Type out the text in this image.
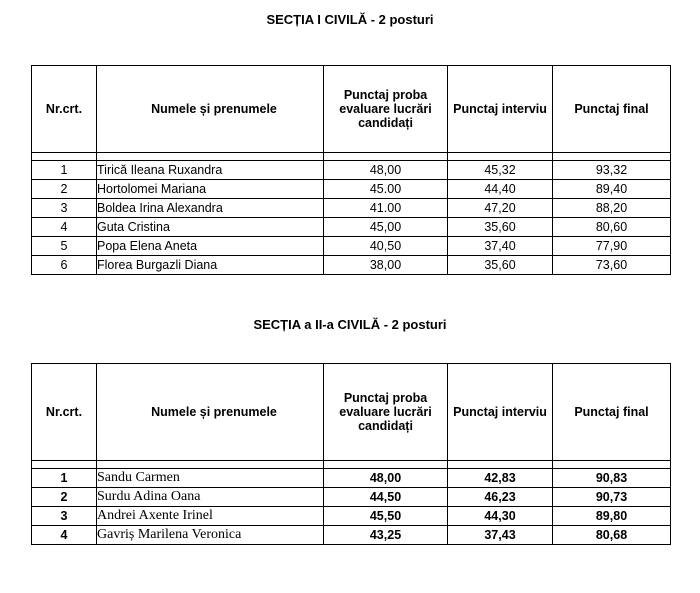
SECȚIA I CIVILĂ - 2 posturi
Nr.crt.	Numele și prenumele	Punctaj proba evaluare lucrări candidați	Punctaj interviu	Punctaj final

1	Tirică Ileana Ruxandra	48,00	45,32	93,32
2	Hortolomei Mariana	45.00	44,40	89,40
3	Boldea Irina Alexandra	41.00	47,20	88,20
4	Guta Cristina	45,00	35,60	80,60
5	Popa Elena Aneta	40,50	37,40	77,90
6	Florea Burgazli Diana	38,00	35,60	73,60
SECȚIA a II-a CIVILĂ - 2 posturi
Nr.crt.	Numele și prenumele	Punctaj proba evaluare lucrări candidați	Punctaj interviu	Punctaj final

1	Sandu Carmen	48,00	42,83	90,83
2	Surdu Adina Oana	44,50	46,23	90,73
3	Andrei Axente Irinel	45,50	44,30	89,80
4	Gavriș Marilena Veronica	43,25	37,43	80,68
